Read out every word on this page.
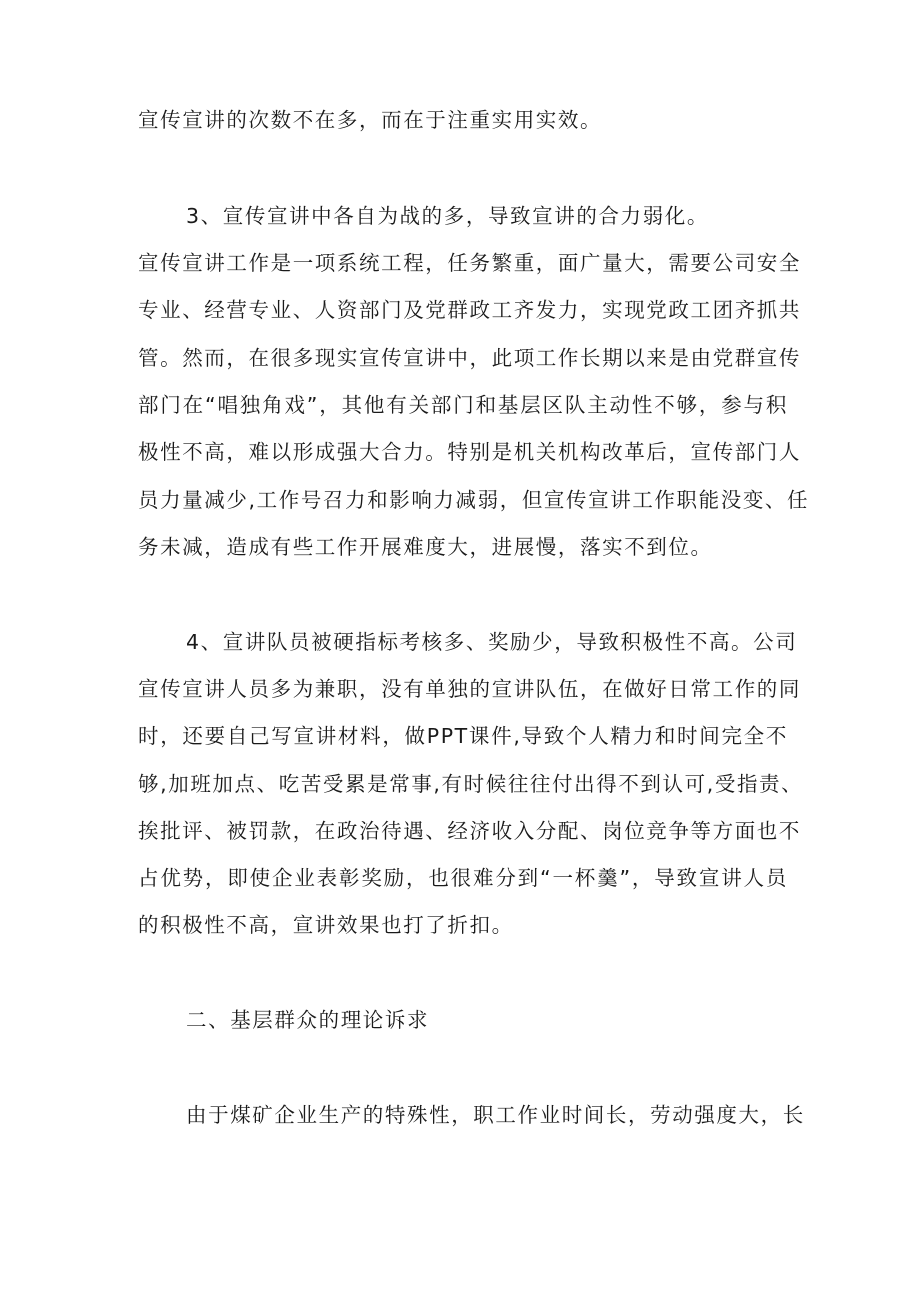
宣传宣讲的次数不在多，而在于注重实用实效。
3、宣传宣讲中各自为战的多，导致宣讲的合力弱化。
宣传宣讲工作是一项系统工程，任务繁重，面广量大，需要公司安全
专业、经营专业、人资部门及党群政工齐发力，实现党政工团齐抓共
管。然而，在很多现实宣传宣讲中，此项工作长期以来是由党群宣传
部门在“唱独角戏”，其他有关部门和基层区队主动性不够，参与积
极性不高，难以形成强大合力。特别是机关机构改革后，宣传部门人
员力量减少,工作号召力和影响力减弱，但宣传宣讲工作职能没变、任
务未减，造成有些工作开展难度大，进展慢，落实不到位。
4、宣讲队员被硬指标考核多、奖励少，导致积极性不高。公司
宣传宣讲人员多为兼职，没有单独的宣讲队伍，在做好日常工作的同
时，还要自己写宣讲材料，做PPT课件,导致个人精力和时间完全不
够,加班加点、吃苦受累是常事,有时候往往付出得不到认可,受指责、
挨批评、被罚款，在政治待遇、经济收入分配、岗位竞争等方面也不
占优势，即使企业表彰奖励，也很难分到“一杯羹”，导致宣讲人员
的积极性不高，宣讲效果也打了折扣。
二、基层群众的理论诉求
由于煤矿企业生产的特殊性，职工作业时间长，劳动强度大，长
